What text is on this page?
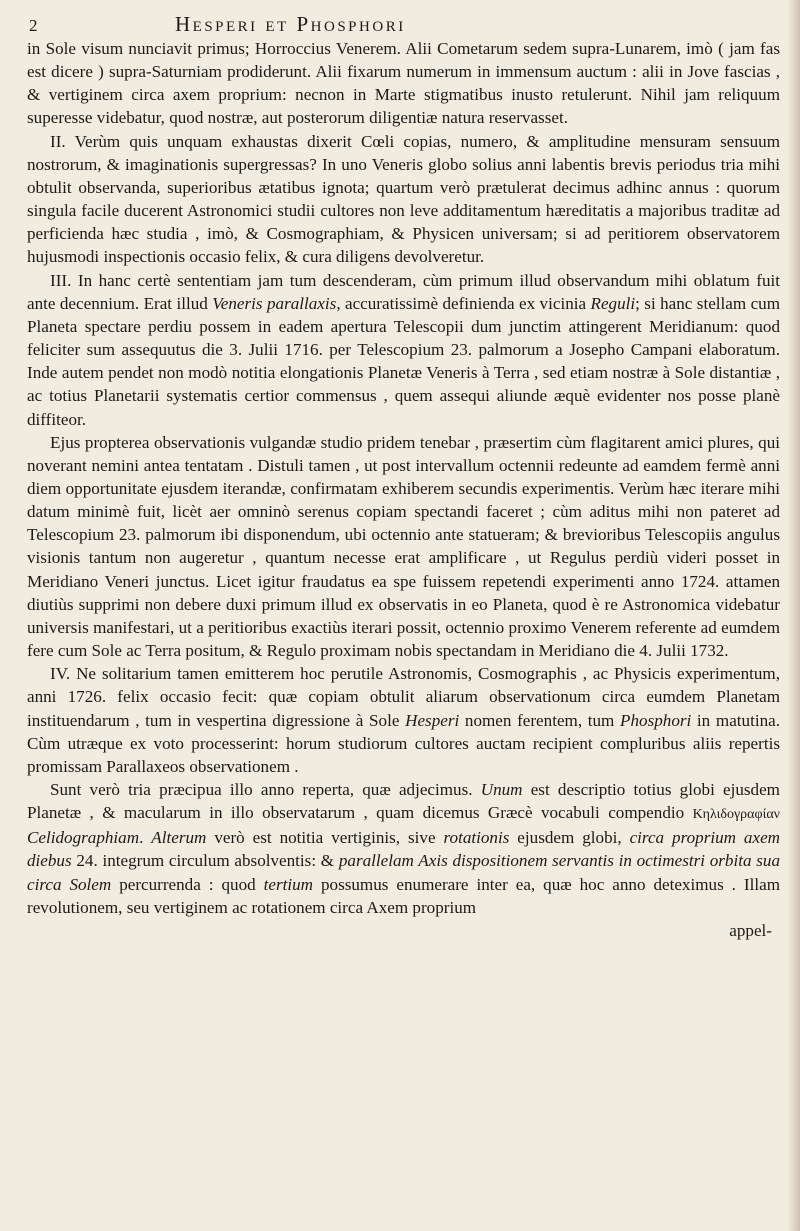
2	Hesperi et Phosphori

in Sole visum nunciavit primus; Horroccius Venerem. Alii Cometarum sedem supra-Lunarem, imò ( jam fas est dicere ) supra-Saturniam prodiderunt. Alii fixarum numerum in immensum auctum : alii in Jove fascias , & vertiginem circa axem proprium: necnon in Marte stigmatibus inusto retulerunt. Nihil jam reliquum superesse videbatur, quod nostræ, aut posterorum diligentiæ natura reservasset.

II. Verùm quis unquam exhaustas dixerit Cœli copias, numero, & amplitudine mensuram sensuum nostrorum, & imaginationis supergressas? In uno Veneris globo solius anni labentis brevis periodus tria mihi obtulit observanda, superioribus ætatibus ignota; quartum verò prætulerat decimus adhinc annus : quorum singula facile ducerent Astronomici studii cultores non leve additamentum hæreditatis a majoribus traditæ ad perficienda hæc studia , imò, & Cosmographiam, & Physicen universam; si ad peritiorem observatorem hujusmodi inspectionis occasio felix, & cura diligens devolveretur.

III. In hanc certè sententiam jam tum descenderam, cùm primum illud observandum mihi oblatum fuit ante decennium. Erat illud Veneris parallaxis, accuratissimè definienda ex vicinia Reguli; si hanc stellam cum Planeta spectare perdiu possem in eadem apertura Telescopii dum junctim attingerent Meridianum: quod feliciter sum assequutus die 3. Julii 1716. per Telescopium 23. palmorum a Josepho Campani elaboratum. Inde autem pendet non modò notitia elongationis Planetæ Veneris à Terra , sed etiam nostræ à Sole distantiæ , ac totius Planetarii systematis certior commensus , quem assequi aliunde æquè evidenter nos posse planè diffiteor.

Ejus propterea observationis vulgandæ studio pridem tenebar , præsertim cùm flagitarent amici plures, qui noverant nemini antea tentatam . Distuli tamen , ut post intervallum octennii redeunte ad eamdem fermè anni diem opportunitate ejusdem iterandæ, confirmatam exhiberem secundis experimentis. Verùm hæc iterare mihi datum minimè fuit, licèt aer omninò serenus copiam spectandi faceret ; cùm aditus mihi non pateret ad Telescopium 23. palmorum ibi disponendum, ubi octennio ante statueram; & brevioribus Telescopiis angulus visionis tantum non augeretur , quantum necesse erat amplificare , ut Regulus perdiù videri posset in Meridiano Veneri junctus. Licet igitur fraudatus ea spe fuissem repetendi experimenti anno 1724. attamen diutiùs supprimi non debere duxi primum illud ex observatis in eo Planeta, quod è re Astronomica videbatur universis manifestari, ut a peritioribus exactiùs iterari possit, octennio proximo Venerem referente ad eumdem fere cum Sole ac Terra positum, & Regulo proximam nobis spectandam in Meridiano die 4. Julii 1732.

IV. Ne solitarium tamen emitterem hoc perutile Astronomis, Cosmographis , ac Physicis experimentum, anni 1726. felix occasio fecit: quæ copiam obtulit aliarum observationum circa eumdem Planetam instituendarum , tum in vespertina digressione à Sole Hesperi nomen ferentem, tum Phosphori in matutina. Cùm utræque ex voto processerint: horum studiorum cultores auctam recipient compluribus aliis repertis promissam Parallaxeos observationem .

Sunt verò tria præcipua illo anno reperta, quæ adjecimus. Unum est descriptio totius globi ejusdem Planetæ , & macularum in illo observatarum , quam dicemus Græcè vocabuli compendio Κηλιδογραφίαν Celidographiam. Alterum verò est notitia vertiginis, sive rotationis ejusdem globi, circa proprium axem diebus 24. integrum circulum absolventis: & parallelam Axis dispositionem servantis in octimestri orbita sua circa Solem percurrenda : quod tertium possumus enumerare inter ea, quæ hoc anno deteximus . Illam revolutionem, seu vertiginem ac rotationem circa Axem proprium

appel-
